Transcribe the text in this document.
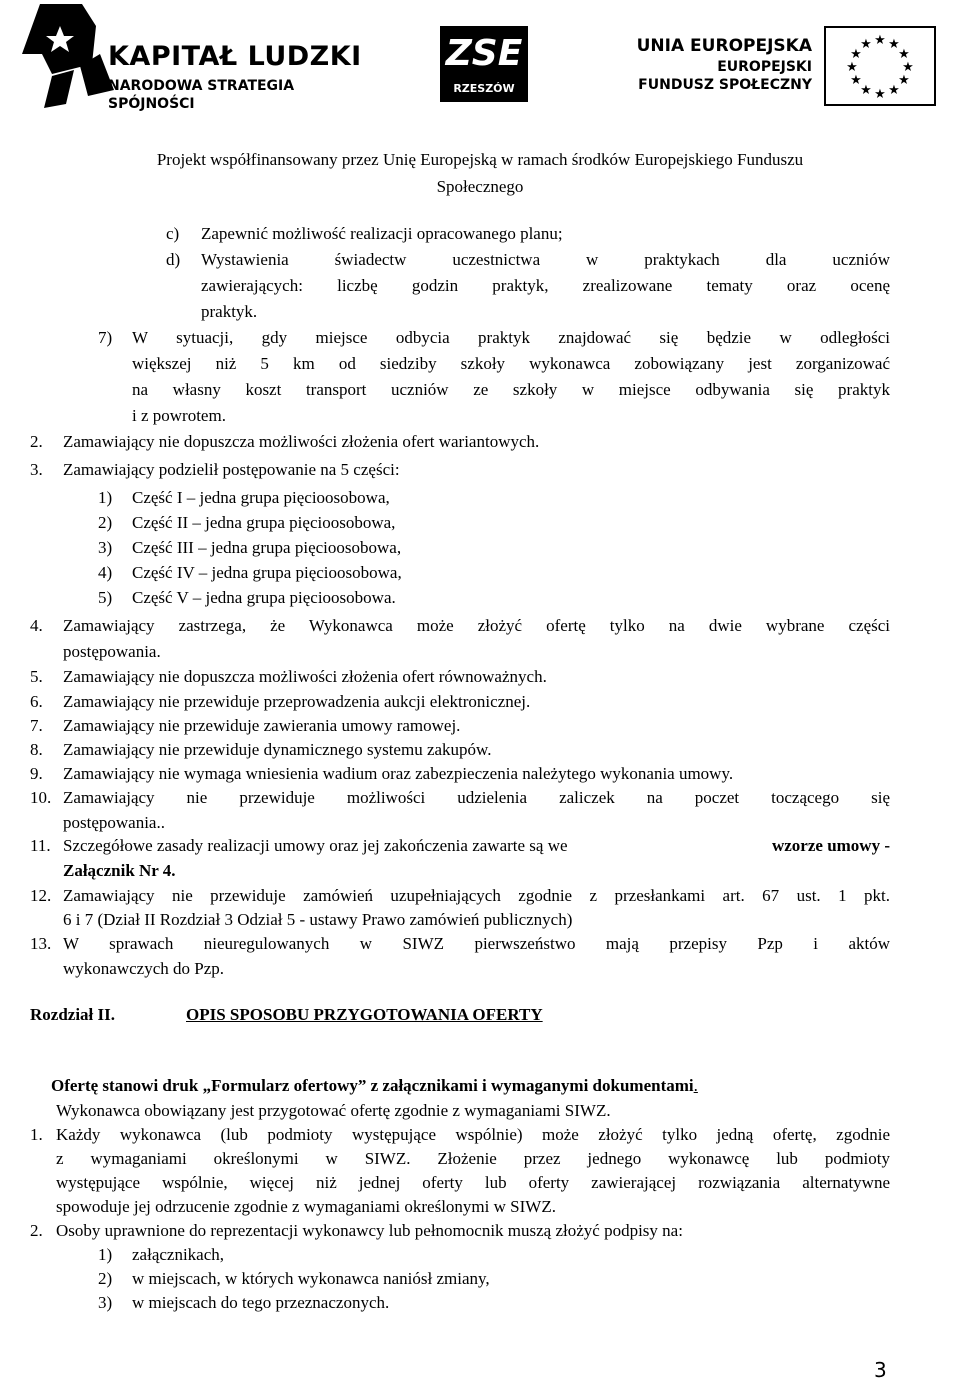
KAPITAŁ LUDZKI
NARODOWA STRATEGIA SPÓJNOŚCI
ZSE
RZESZÓW
UNIA EUROPEJSKA
EUROPEJSKI
FUNDUSZ SPOŁECZNY
★ ★
★
★
★
★
★
★
★
★
★
★
Projekt współfinansowany przez Unię Europejską w ramach środków Europejskiego Funduszu
Społecznego
c) Zapewnić możliwość realizacji opracowanego planu;
d) Wystawienia świadectw uczestnictwa w praktykach dla uczniów
zawierających: liczbę godzin praktyk, zrealizowane tematy oraz ocenę
praktyk.
7) W sytuacji, gdy miejsce odbycia praktyk znajdować się będzie w odległości
większej niż 5 km od siedziby szkoły wykonawca zobowiązany jest zorganizować
na własny koszt transport uczniów ze szkoły w miejsce odbywania się praktyk
i z powrotem.
2. Zamawiający nie dopuszcza możliwości złożenia ofert wariantowych.
3. Zamawiający podzielił postępowanie na 5 części:
1) Część I – jedna grupa pięcioosobowa,
2) Część II – jedna grupa pięcioosobowa,
3) Część III – jedna grupa pięcioosobowa,
4) Część IV – jedna grupa pięcioosobowa,
5) Część V – jedna grupa pięcioosobowa.
4. Zamawiający zastrzega, że Wykonawca może złożyć ofertę tylko na dwie wybrane części
postępowania.
5. Zamawiający nie dopuszcza możliwości złożenia ofert równoważnych.
6. Zamawiający nie przewiduje przeprowadzenia aukcji elektronicznej.
7. Zamawiający nie przewiduje zawierania umowy ramowej.
8. Zamawiający nie przewiduje dynamicznego systemu zakupów.
9. Zamawiający nie wymaga wniesienia wadium oraz zabezpieczenia należytego wykonania umowy.
10. Zamawiający nie przewiduje możliwości udzielenia zaliczek na poczet toczącego się
postępowania..
11. Szczegółowe zasady realizacji umowy oraz jej zakończenia zawarte są we	wzorze umowy -
Załącznik Nr 4.
12. Zamawiający nie przewiduje zamówień uzupełniających zgodnie z przesłankami art. 67 ust. 1 pkt.
6 i 7 (Dział II Rozdział 3 Odział 5 - ustawy Prawo zamówień publicznych)
13. W sprawach nieuregulowanych w SIWZ pierwszeństwo mają przepisy Pzp i aktów
wykonawczych do Pzp.
Rozdział II.	OPIS SPOSOBU PRZYGOTOWANIA OFERTY
Ofertę stanowi druk „Formularz ofertowy” z załącznikami i wymaganymi dokumentami.
Wykonawca obowiązany jest przygotować ofertę zgodnie z wymaganiami SIWZ.
1. Każdy wykonawca (lub podmioty występujące wspólnie) może złożyć tylko jedną ofertę, zgodnie
z wymaganiami określonymi w SIWZ. Złożenie przez jednego wykonawcę lub podmioty
występujące wspólnie, więcej niż jednej oferty lub oferty zawierającej rozwiązania alternatywne
spowoduje jej odrzucenie zgodnie z wymaganiami określonymi w SIWZ.
2. Osoby uprawnione do reprezentacji wykonawcy lub pełnomocnik muszą złożyć podpisy na:
1) załącznikach,
2) w miejscach, w których wykonawca naniósł zmiany,
3) w miejscach do tego przeznaczonych.
3
